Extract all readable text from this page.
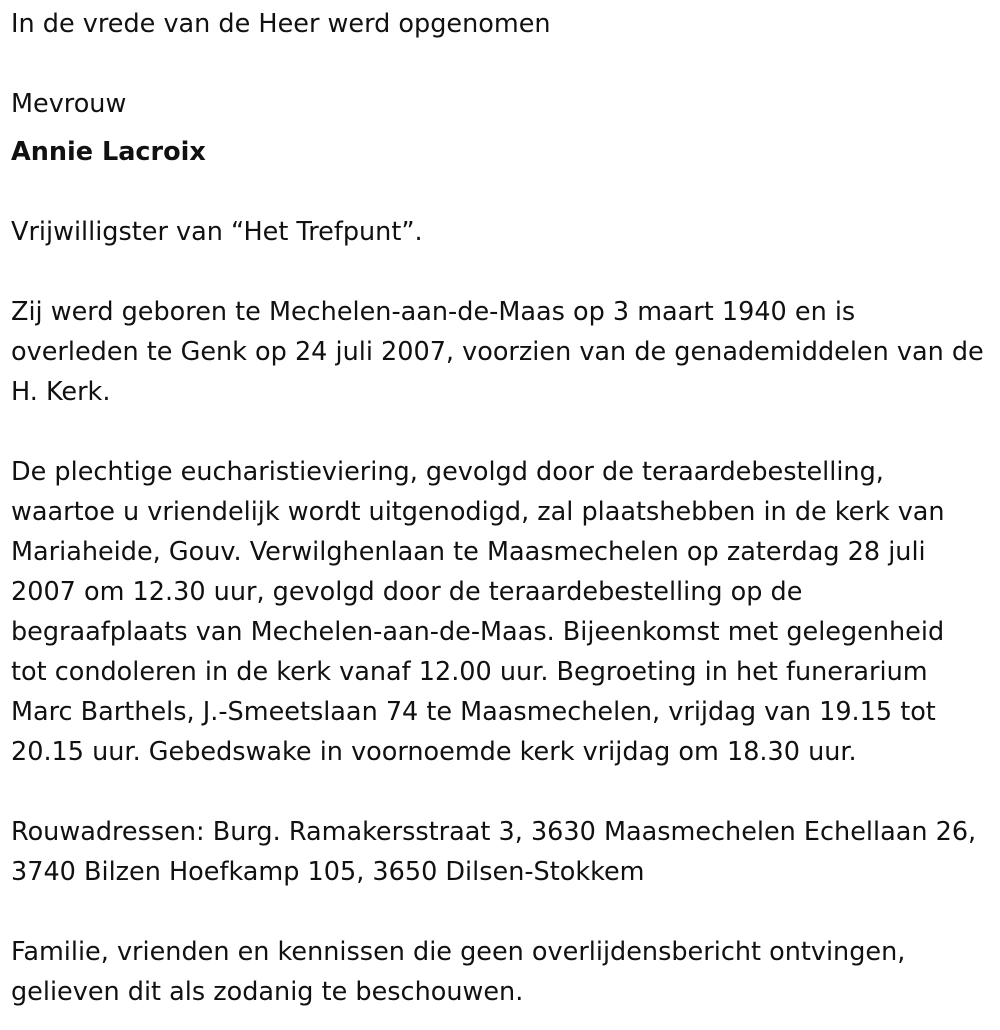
In de vrede van de Heer werd opgenomen

Mevrouw

Annie Lacroix

Vrijwilligster van “Het Trefpunt”.

Zij werd geboren te Mechelen-aan-de-Maas op 3 maart 1940 en is overleden te Genk op 24 juli 2007, voorzien van de genademiddelen van de H. Kerk.

De plechtige eucharistieviering, gevolgd door de teraardebestelling, waartoe u vriendelijk wordt uitgenodigd, zal plaatshebben in de kerk van Mariaheide, Gouv. Verwilghenlaan te Maasmechelen op zaterdag 28 juli 2007 om 12.30 uur, gevolgd door de teraardebestelling op de begraafplaats van Mechelen-aan-de-Maas. Bijeenkomst met gelegenheid tot condoleren in de kerk vanaf 12.00 uur. Begroeting in het funerarium Marc Barthels, J.-Smeetslaan 74 te Maasmechelen, vrijdag van 19.15 tot 20.15 uur. Gebedswake in voornoemde kerk vrijdag om 18.30 uur.

Rouwadressen: Burg. Ramakersstraat 3, 3630 Maasmechelen Echellaan 26, 3740 Bilzen Hoefkamp 105, 3650 Dilsen-Stokkem

Familie, vrienden en kennissen die geen overlijdensbericht ontvingen, gelieven dit als zodanig te beschouwen.
